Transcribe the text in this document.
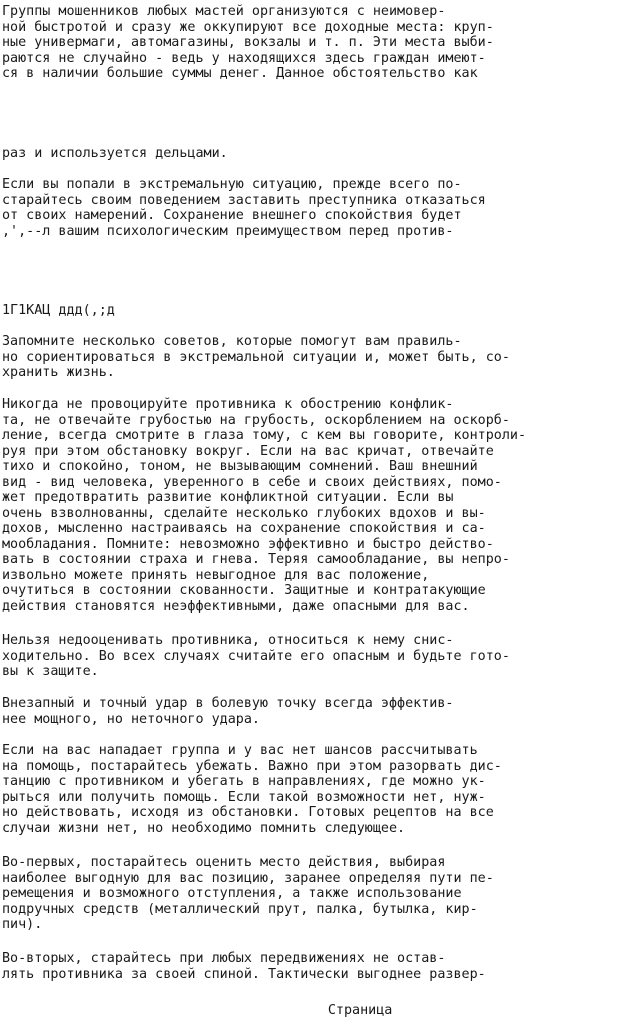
Группы мошенников любых мастей организуются с неимовер-
ной быстротой и сразу же оккупируют все доходные места: круп-
ные универмаги, автомагазины, вокзалы и т. п. Эти места выби-
раются не случайно - ведь у находящихся здесь граждан имеют-
ся в наличии большие суммы денег. Данное обстоятельство как
раз и используется дельцами.
Если вы попали в экстремальную ситуацию, прежде всего по-
старайтесь своим поведением заставить преступника отказаться
от своих намерений. Сохранение внешнего спокойствия будет
,',--л вашим психологическим преимуществом перед против-
1Г1КАЦ ддд(,;д
Запомните несколько советов, которые помогут вам правиль-
но сориентироваться в экстремальной ситуации и, может быть, со-
хранить жизнь.
Никогда не провоцируйте противника к обострению конфлик-
та, не отвечайте грубостью на грубость, оскорблением на оскорб-
ление, всегда смотрите в глаза тому, с кем вы говорите, контроли-
руя при этом обстановку вокруг. Если на вас кричат, отвечайте
тихо и спокойно, тоном, не вызывающим сомнений. Ваш внешний
вид - вид человека, уверенного в себе и своих действиях, помо-
жет предотвратить развитие конфликтной ситуации. Если вы
очень взволнованны, сделайте несколько глубоких вдохов и вы-
дохов, мысленно настраиваясь на сохранение спокойствия и са-
мообладания. Помните: невозможно эффективно и быстро действо-
вать в состоянии страха и гнева. Теряя самообладание, вы непро-
извольно можете принять невыгодное для вас положение,
очутиться в состоянии скованности. Защитные и контратакующие
действия становятся неэффективными, даже опасными для вас.
Нельзя недооценивать противника, относиться к нему снис-
ходительно. Во всех случаях считайте его опасным и будьте гото-
вы к защите.
Внезапный и точный удар в болевую точку всегда эффектив-
нее мощного, но неточного удара.
Если на вас нападает группа и у вас нет шансов рассчитывать
на помощь, постарайтесь убежать. Важно при этом разорвать дис-
танцию с противником и убегать в направлениях, где можно ук-
рыться или получить помощь. Если такой возможности нет, нуж-
но действовать, исходя из обстановки. Готовых рецептов на все
случаи жизни нет, но необходимо помнить следующее.
Во-первых, постарайтесь оценить место действия, выбирая
наиболее выгодную для вас позицию, заранее определяя пути пе-
ремещения и возможного отступления, а также использование
подручных средств (металлический прут, палка, бутылка, кир-
пич).
Во-вторых, старайтесь при любых передвижениях не остав-
лять противника за своей спиной. Тактически выгоднее развер-

Страница
